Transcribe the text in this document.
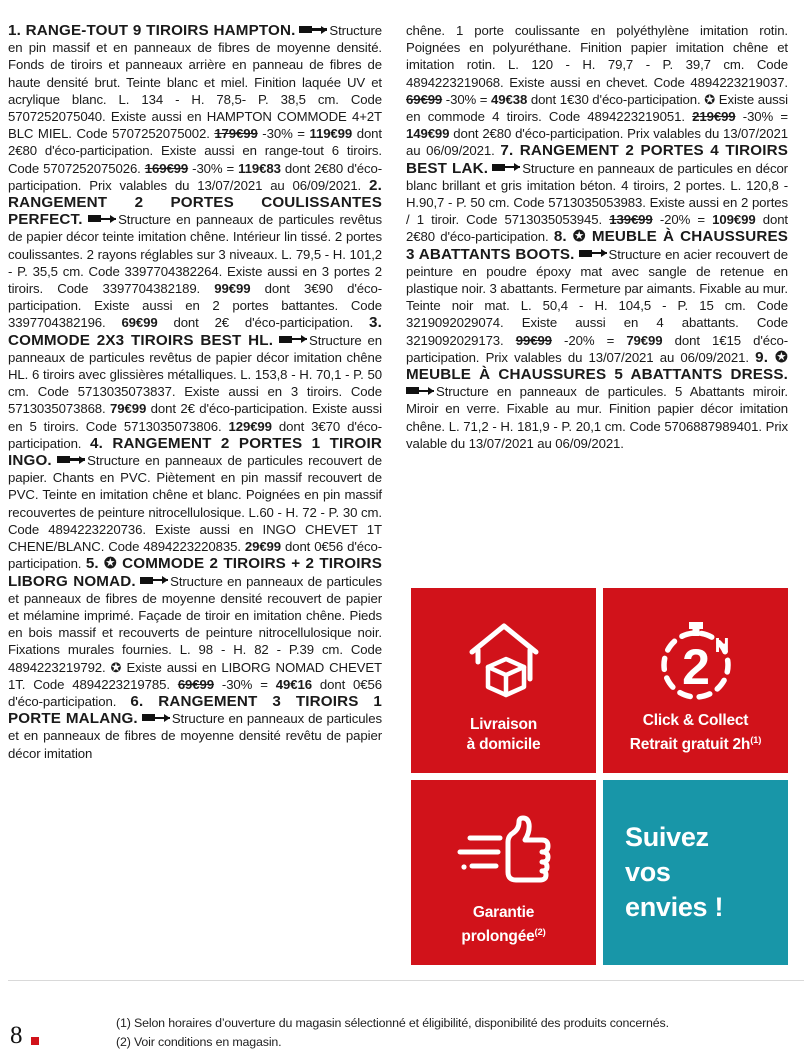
1. RANGE-TOUT 9 TIROIRS HAMPTON.	Structure en pin massif et en panneaux de fibres de moyenne densité. Fonds de tiroirs et panneaux arrière en panneau de fibres de haute densité brut. Teinte blanc et miel. Finition laquée UV et acrylique blanc. L. 134 - H. 78,5- P. 38,5 cm. Code 5707252075040. Existe aussi en HAMPTON COMMODE 4+2T BLC MIEL. Code 5707252075002. 179€99 -30% = 119€99 dont 2€80 d'éco-participation. Existe aussi en range-tout 6 tiroirs. Code 5707252075026. 169€99 -30% = 119€83 dont 2€80 d'éco-participation. Prix valables du 13/07/2021 au 06/09/2021. 2. RANGEMENT 2 PORTES COULISSANTES PERFECT.	Structure en panneaux de particules revêtus de papier décor teinte imitation chêne. Intérieur lin tissé. 2 portes coulissantes. 2 rayons réglables sur 3 niveaux. L. 79,5 - H. 101,2 - P. 35,5 cm. Code 3397704382264. Existe aussi en 3 portes 2 tiroirs. Code 3397704382189. 99€99 dont 3€90 d'éco-participation. Existe aussi en 2 portes battantes. Code 3397704382196. 69€99 dont 2€ d'éco-participation. 3. COMMODE 2X3 TIROIRS BEST HL.	Structure en panneaux de particules revêtus de papier décor imitation chêne HL. 6 tiroirs avec glissières métalliques. L. 153,8 - H. 70,1 - P. 50 cm. Code 5713035073837. Existe aussi en 3 tiroirs. Code 5713035073868. 79€99 dont 2€ d'éco-participation. Existe aussi en 5 tiroirs. Code 5713035073806. 129€99 dont 3€70 d'éco-participation. 4. RANGEMENT 2 PORTES 1 TIROIR INGO.	Structure en panneaux de particules recouvert de papier. Chants en PVC. Piètement en pin massif recouvert de PVC. Teinte en imitation chêne et blanc. Poignées en pin massif recouvertes de peinture nitrocellulosique. L.60 - H. 72 - P. 30 cm. Code 4894223220736. Existe aussi en INGO CHEVET 1T CHENE/BLANC. Code 4894223220835. 29€99 dont 0€56 d'éco-participation. 5. ✪ COMMODE 2 TIROIRS + 2 TIROIRS LIBORG NOMAD.	Structure en panneaux de particules et panneaux de fibres de moyenne densité recouvert de papier et mélamine imprimé. Façade de tiroir en imitation chêne. Pieds en bois massif et recouverts de peinture nitrocellulosique noir. Fixations murales fournies. L. 98 - H. 82 - P.39 cm. Code 4894223219792. ✪ Existe aussi en LIBORG NOMAD CHEVET 1T. Code 4894223219785. 69€99 -30% = 49€16 dont 0€56 d'éco-participation. 6. RANGEMENT 3 TIROIRS 1 PORTE MALANG.	Structure en panneaux de particules et en panneaux de fibres de moyenne densité revêtu de papier décor imitation

chêne. 1 porte coulissante en polyéthylène imitation rotin. Poignées en polyuréthane. Finition papier imitation chêne et imitation rotin. L. 120 - H. 79,7 - P. 39,7 cm. Code 4894223219068. Existe aussi en chevet. Code 4894223219037. 69€99 -30% = 49€38 dont 1€30 d'éco-participation. ✪ Existe aussi en commode 4 tiroirs. Code 4894223219051. 219€99 -30% = 149€99 dont 2€80 d'éco-participation. Prix valables du 13/07/2021 au 06/09/2021. 7. RANGEMENT 2 PORTES 4 TIROIRS BEST LAK.	Structure en panneaux de particules en décor blanc brillant et gris imitation béton. 4 tiroirs, 2 portes. L. 120,8 - H.90,7 - P. 50 cm. Code 5713035053983. Existe aussi en 2 portes / 1 tiroir. Code 5713035053945. 139€99 -20% = 109€99 dont 2€80 d'éco-participation. 8. ✪ MEUBLE À CHAUSSURES 3 ABATTANTS BOOTS.	Structure en acier recouvert de peinture en poudre époxy mat avec sangle de retenue en plastique noir. 3 abattants. Fermeture par aimants. Fixable au mur. Teinte noir mat. L. 50,4 - H. 104,5 - P. 15 cm. Code 3219092029074. Existe aussi en 4 abattants. Code 3219092029173. 99€99 -20% = 79€99 dont 1€15 d'éco-participation. Prix valables du 13/07/2021 au 06/09/2021. 9. ✪ MEUBLE À CHAUSSURES 5 ABATTANTS DRESS.
Structure en panneaux de particules. 5 Abattants miroir. Miroir en verre. Fixable au mur. Finition papier décor imitation chêne. L. 71,2 - H. 181,9 - P. 20,1 cm. Code 5706887989401. Prix valable du 13/07/2021 au 06/09/2021.

Livraison
à domicile
2 H
Click & Collect
Retrait gratuit $2h^{(1)}$
Garantie
prolongée$^{(2)}$
Suivez
vos
envies !
8	(1) Selon horaires d’ouverture du magasin sélectionné et éligibilité, disponibilité des produits concernés.
(2) Voir conditions en magasin.
